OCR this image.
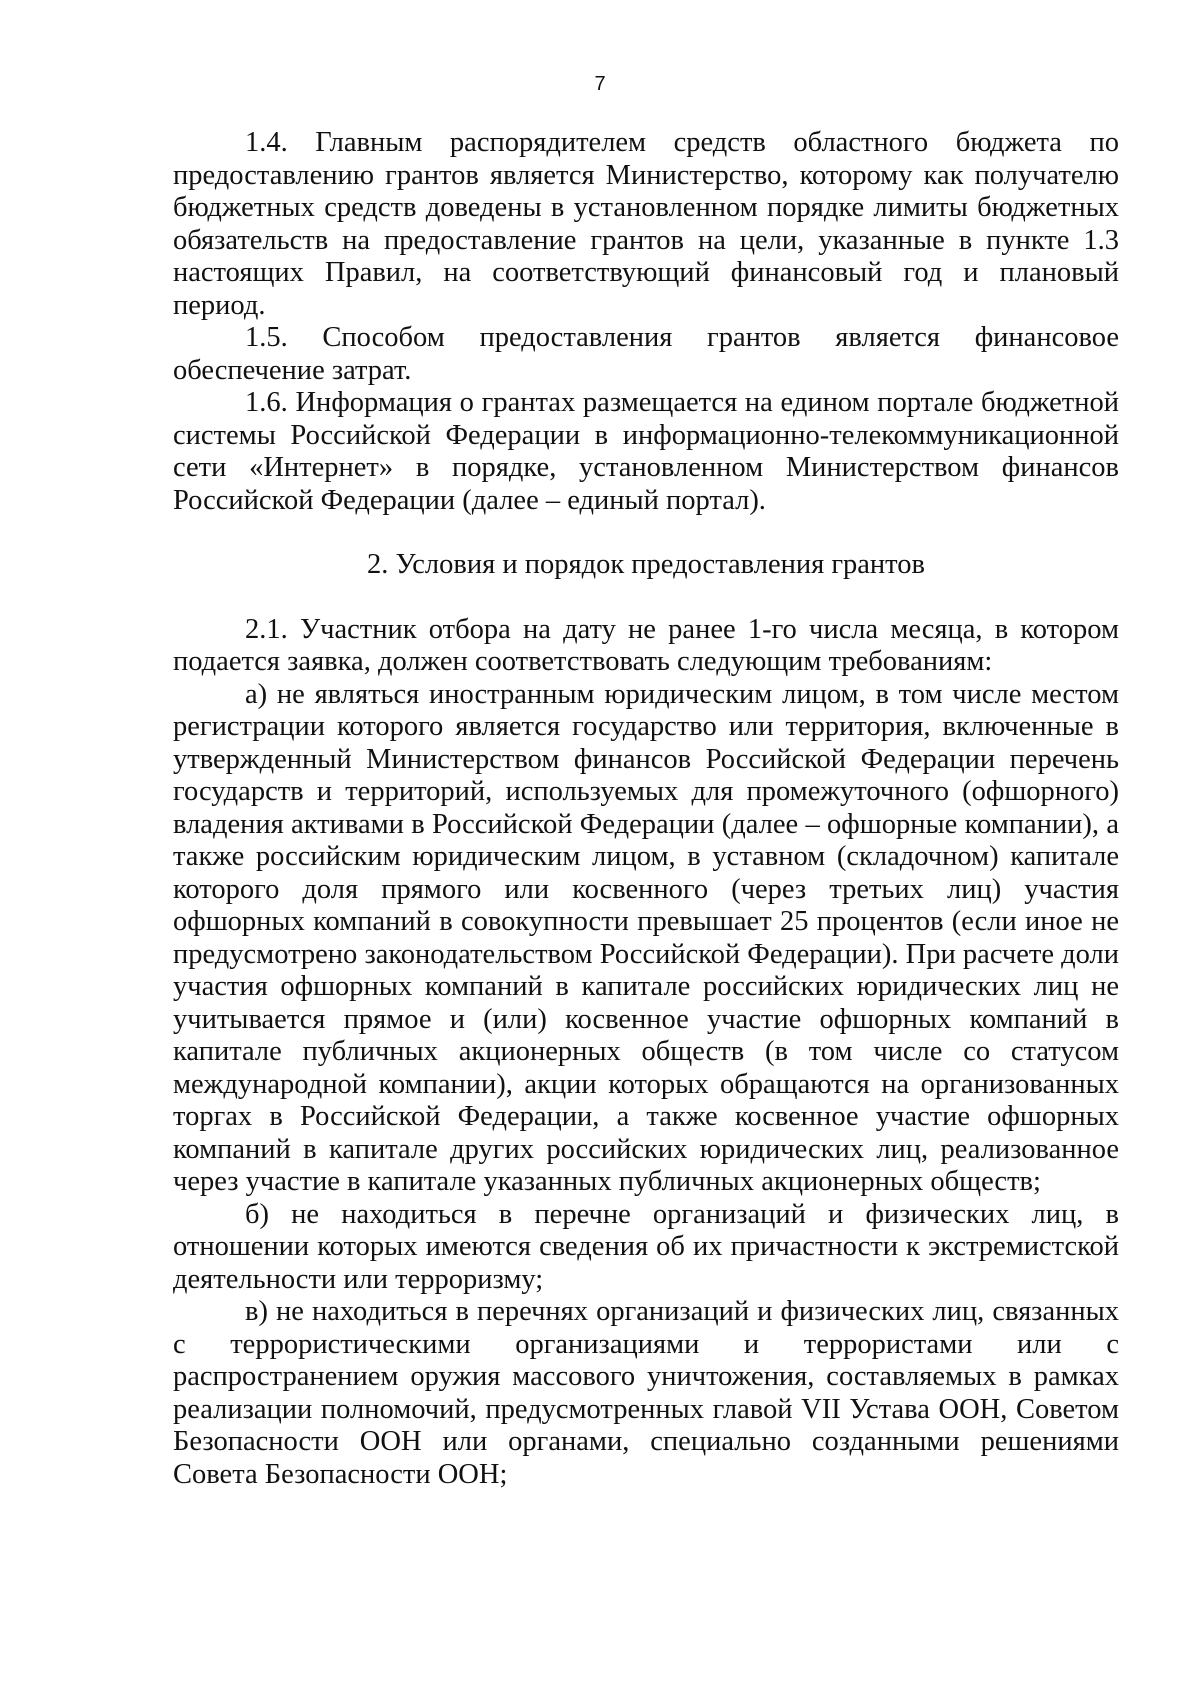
7

1.4. Главным распорядителем средств областного бюджета по предоставлению грантов является Министерство, которому как получателю бюджетных средств доведены в установленном порядке лимиты бюджетных обязательств на предоставление грантов на цели, указанные в пункте 1.3 настоящих Правил, на соответствующий финансовый год и плановый период.

1.5. Способом предоставления грантов является финансовое обеспечение затрат.

1.6. Информация о грантах размещается на едином портале бюджетной системы Российской Федерации в информационно-телекоммуникационной сети «Интернет» в порядке, установленном Министерством финансов Российской Федерации (далее – единый портал).

2. Условия и порядок предоставления грантов

2.1. Участник отбора на дату не ранее 1-го числа месяца, в котором подается заявка, должен соответствовать следующим требованиям:

а) не являться иностранным юридическим лицом, в том числе местом регистрации которого является государство или территория, включенные в утвержденный Министерством финансов Российской Федерации перечень государств и территорий, используемых для промежуточного (офшорного) владения активами в Российской Федерации (далее – офшорные компании), а также российским юридическим лицом, в уставном (складочном) капитале которого доля прямого или косвенного (через третьих лиц) участия офшорных компаний в совокупности превышает 25 процентов (если иное не предусмотрено законодательством Российской Федерации). При расчете доли участия офшорных компаний в капитале российских юридических лиц не учитывается прямое и (или) косвенное участие офшорных компаний в капитале публичных акционерных обществ (в том числе со статусом международной компании), акции которых обращаются на организованных торгах в Российской Федерации, а также косвенное участие офшорных компаний в капитале других российских юридических лиц, реализованное через участие в капитале указанных публичных акционерных обществ;

б) не находиться в перечне организаций и физических лиц, в отношении которых имеются сведения об их причастности к экстремистской деятельности или терроризму;

в) не находиться в перечнях организаций и физических лиц, связанных с террористическими организациями и террористами или с распространением оружия массового уничтожения, составляемых в рамках реализации полномочий, предусмотренных главой VII Устава ООН, Советом Безопасности ООН или органами, специально созданными решениями Совета Безопасности ООН;
